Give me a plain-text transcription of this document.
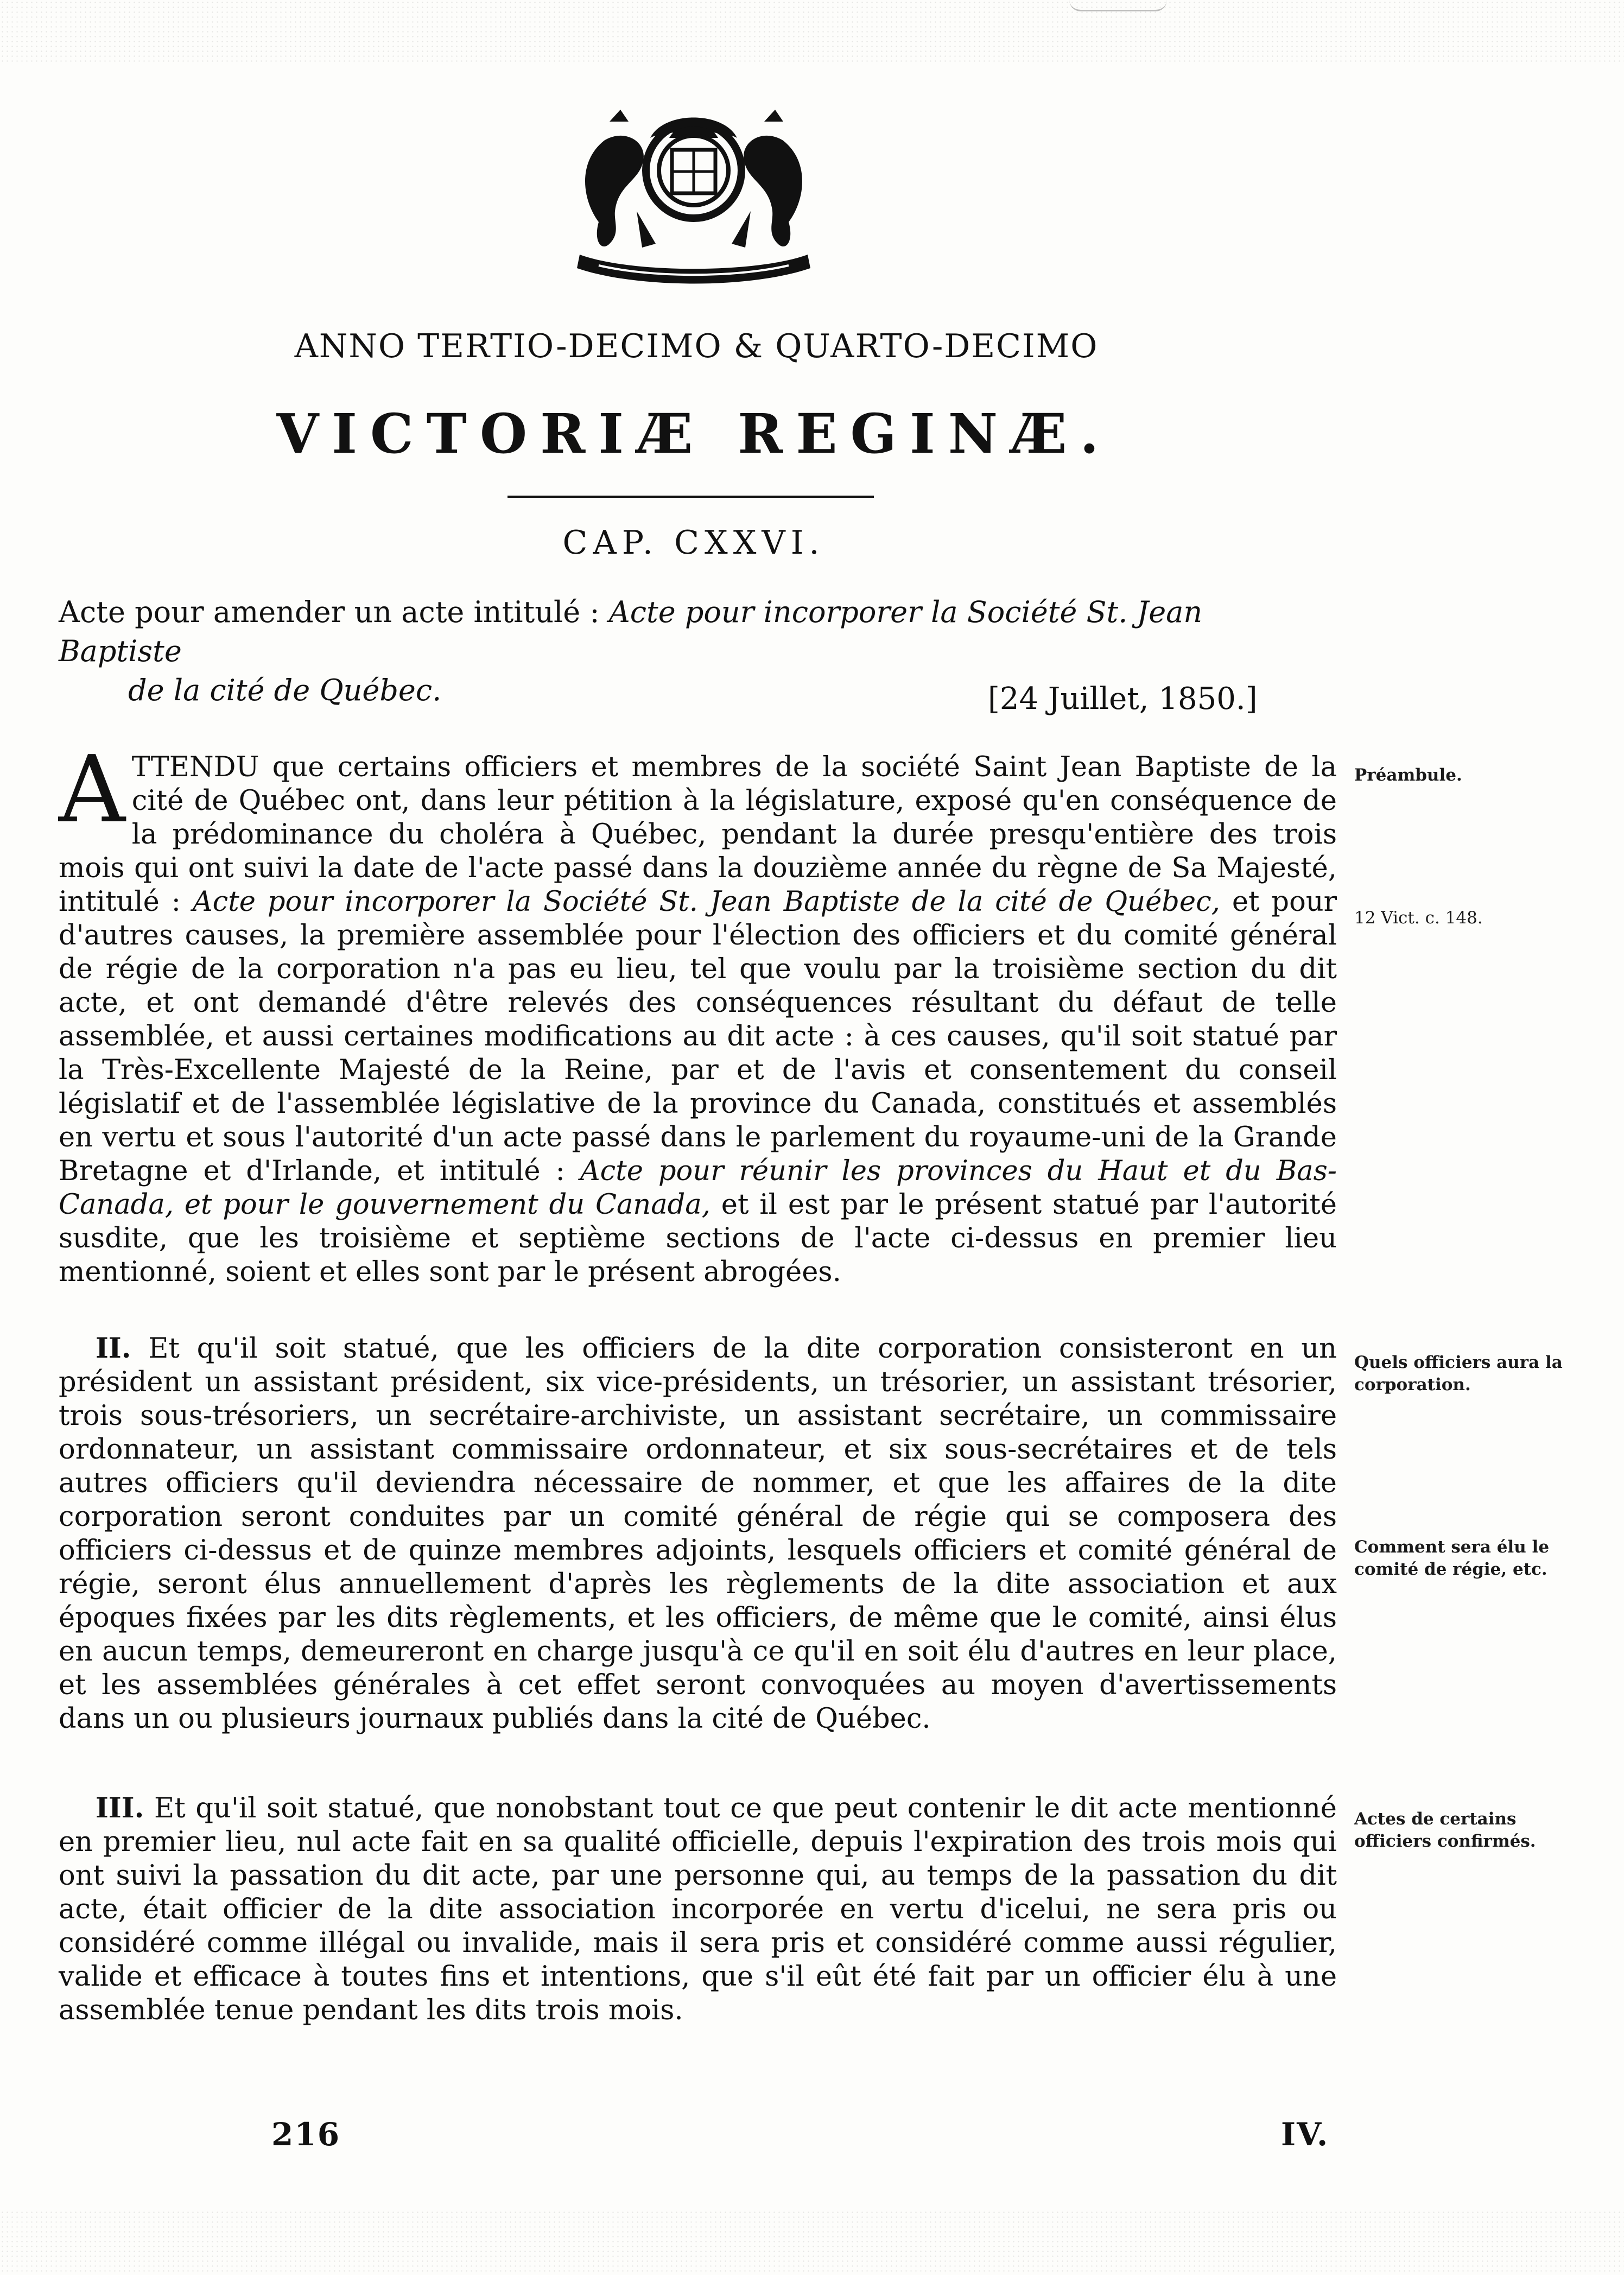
ANNO TERTIO-DECIMO & QUARTO-DECIMO
VICTORIÆ REGINÆ.
CAP. CXXVI.
Acte pour amender un acte intitulé : Acte pour incorporer la Société St. Jean Baptiste
de la cité de Québec.	[24 Juillet, 1850.]
ATTENDU que certains officiers et membres de la société Saint Jean Baptiste de la cité de Québec ont, dans leur pétition à la législature, exposé qu'en conséquence de la prédominance du choléra à Québec, pendant la durée presqu'entière des trois mois qui ont suivi la date de l'acte passé dans la douzième année du règne de Sa Majesté, intitulé : Acte pour incorporer la Société St. Jean Baptiste de la cité de Québec, et pour d'autres causes, la première assemblée pour l'élection des officiers et du comité général de régie de la corporation n'a pas eu lieu, tel que voulu par la troisième section du dit acte, et ont demandé d'être relevés des conséquences résultant du défaut de telle assemblée, et aussi certaines modifications au dit acte : à ces causes, qu'il soit statué par la Très-Excellente Majesté de la Reine, par et de l'avis et consentement du conseil législatif et de l'assemblée législative de la province du Canada, constitués et assemblés en vertu et sous l'autorité d'un acte passé dans le parlement du royaume-uni de la Grande Bretagne et d'Irlande, et intitulé : Acte pour réunir les provinces du Haut et du Bas-Canada, et pour le gouvernement du Canada, et il est par le présent statué par l'autorité susdite, que les troisième et septième sections de l'acte ci-dessus en premier lieu mentionné, soient et elles sont par le présent abrogées.
II. Et qu'il soit statué, que les officiers de la dite corporation consisteront en un président un assistant président, six vice-présidents, un trésorier, un assistant trésorier, trois sous-trésoriers, un secrétaire-archiviste, un assistant secrétaire, un commissaire ordonnateur, un assistant commissaire ordonnateur, et six sous-secrétaires et de tels autres officiers qu'il deviendra nécessaire de nommer, et que les affaires de la dite corporation seront conduites par un comité général de régie qui se composera des officiers ci-dessus et de quinze membres adjoints, lesquels officiers et comité général de régie, seront élus annuellement d'après les règlements de la dite association et aux époques fixées par les dits règlements, et les officiers, de même que le comité, ainsi élus en aucun temps, demeureront en charge jusqu'à ce qu'il en soit élu d'autres en leur place, et les assemblées générales à cet effet seront convoquées au moyen d'avertissements dans un ou plusieurs journaux publiés dans la cité de Québec.
III. Et qu'il soit statué, que nonobstant tout ce que peut contenir le dit acte mentionné en premier lieu, nul acte fait en sa qualité officielle, depuis l'expiration des trois mois qui ont suivi la passation du dit acte, par une personne qui, au temps de la passation du dit acte, était officier de la dite association incorporée en vertu d'icelui, ne sera pris ou considéré comme illégal ou invalide, mais il sera pris et considéré comme aussi régulier, valide et efficace à toutes fins et intentions, que s'il eût été fait par un officier élu à une assemblée tenue pendant les dits trois mois.
Préambule.
12 Vict. c. 148.
Quels officiers aura la corporation.
Comment sera élu le comité de régie, etc.
Actes de certains officiers confirmés.
216	IV.
